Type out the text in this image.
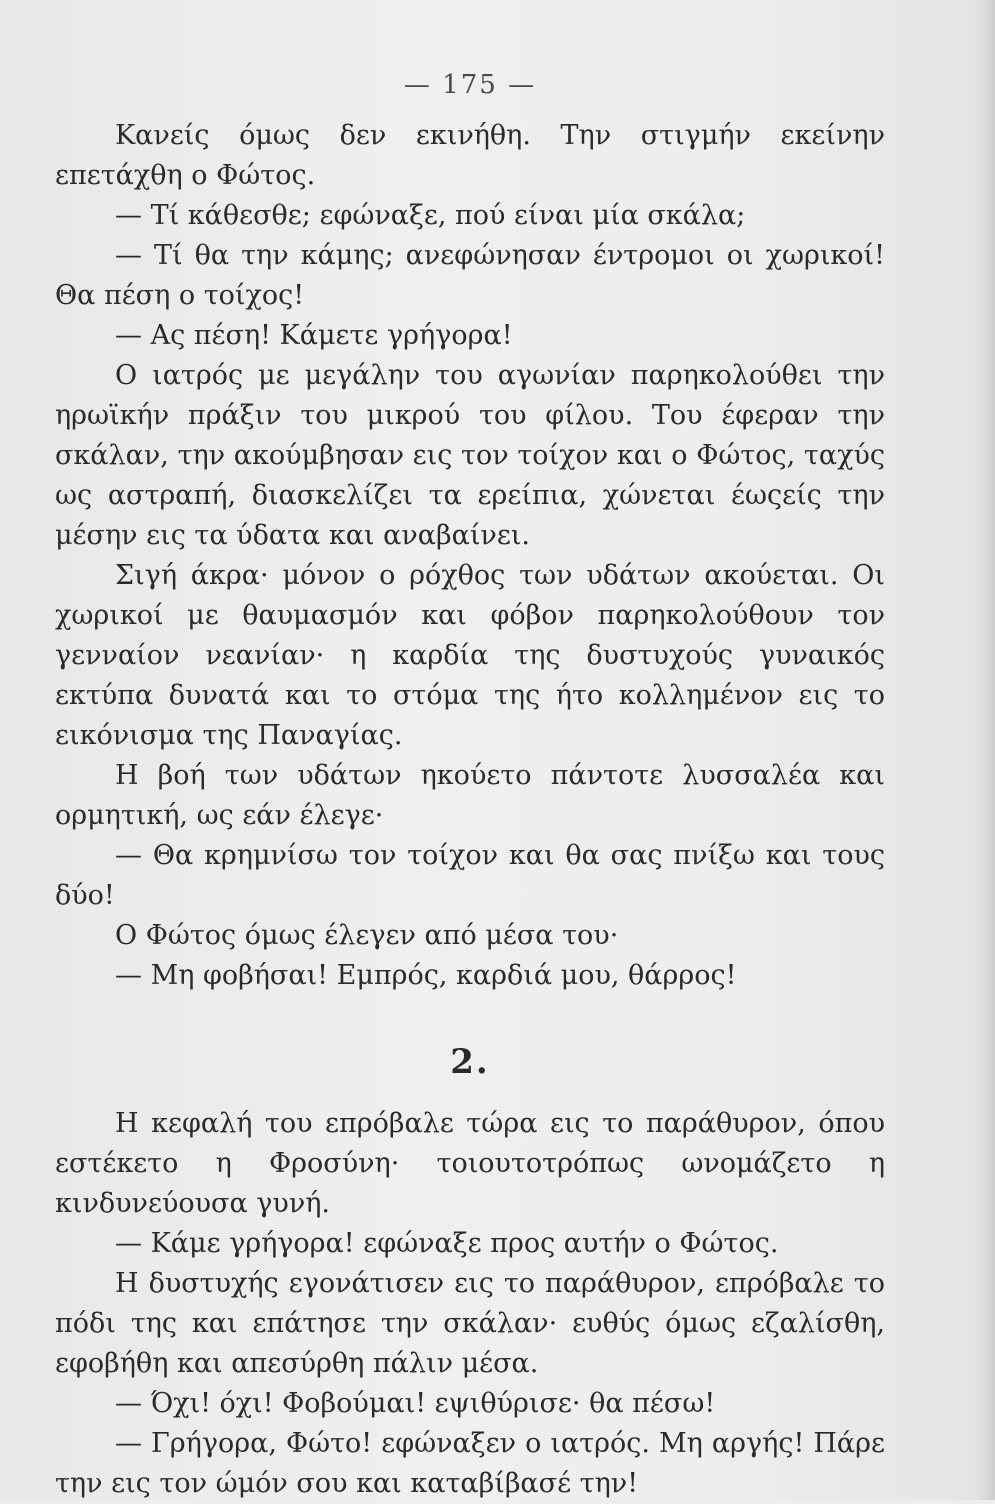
— 175 —

Κανείς όμως δεν εκινήθη. Την στιγμήν εκείνην επετάχθη ο Φώτος.

— Τί κάθεσθε; εφώναξε, πού είναι μία σκάλα;

— Τί θα την κάμης; ανεφώνησαν έντρομοι οι χωρικοί! Θα πέση ο τοίχος!

— Ας πέση! Κάμετε γρήγορα!

Ο ιατρός με μεγάλην του αγωνίαν παρηκολούθει την ηρωϊκήν πράξιν του μικρού του φίλου. Του έφεραν την σκάλαν, την ακούμβησαν εις τον τοίχον και ο Φώτος, ταχύς ως αστραπή, διασκελίζει τα ερείπια, χώνεται έωςείς την μέσην εις τα ύδατα και αναβαίνει.

Σιγή άκρα· μόνον ο ρόχθος των υδάτων ακούεται. Οι χωρικοί με θαυμασμόν και φόβον παρηκολούθουν τον γενναίον νεανίαν· η καρδία της δυστυχούς γυναικός εκτύπα δυνατά και το στόμα της ήτο κολλημένον εις το εικόνισμα της Παναγίας.

Η βοή των υδάτων ηκούετο πάντοτε λυσσαλέα και ορμητική, ως εάν έλεγε·

— Θα κρημνίσω τον τοίχον και θα σας πνίξω και τους δύο!

Ο Φώτος όμως έλεγεν από μέσα του·

— Μη φοβήσαι! Εμπρός, καρδιά μου, θάρρος!

2.

Η κεφαλή του επρόβαλε τώρα εις το παράθυρον, όπου εστέκετο η Φροσύνη· τοιουτοτρόπως ωνομάζετο η κινδυνεύουσα γυνή.

— Κάμε γρήγορα! εφώναξε προς αυτήν ο Φώτος.

Η δυστυχής εγονάτισεν εις το παράθυρον, επρόβαλε το πόδι της και επάτησε την σκάλαν· ευθύς όμως εζαλίσθη, εφοβήθη και απεσύρθη πάλιν μέσα.

— Όχι! όχι! Φοβούμαι! εψιθύρισε· θα πέσω!

— Γρήγορα, Φώτο! εφώναξεν ο ιατρός. Μη αργής! Πάρε την εις τον ώμόν σου και καταβίβασέ την!
